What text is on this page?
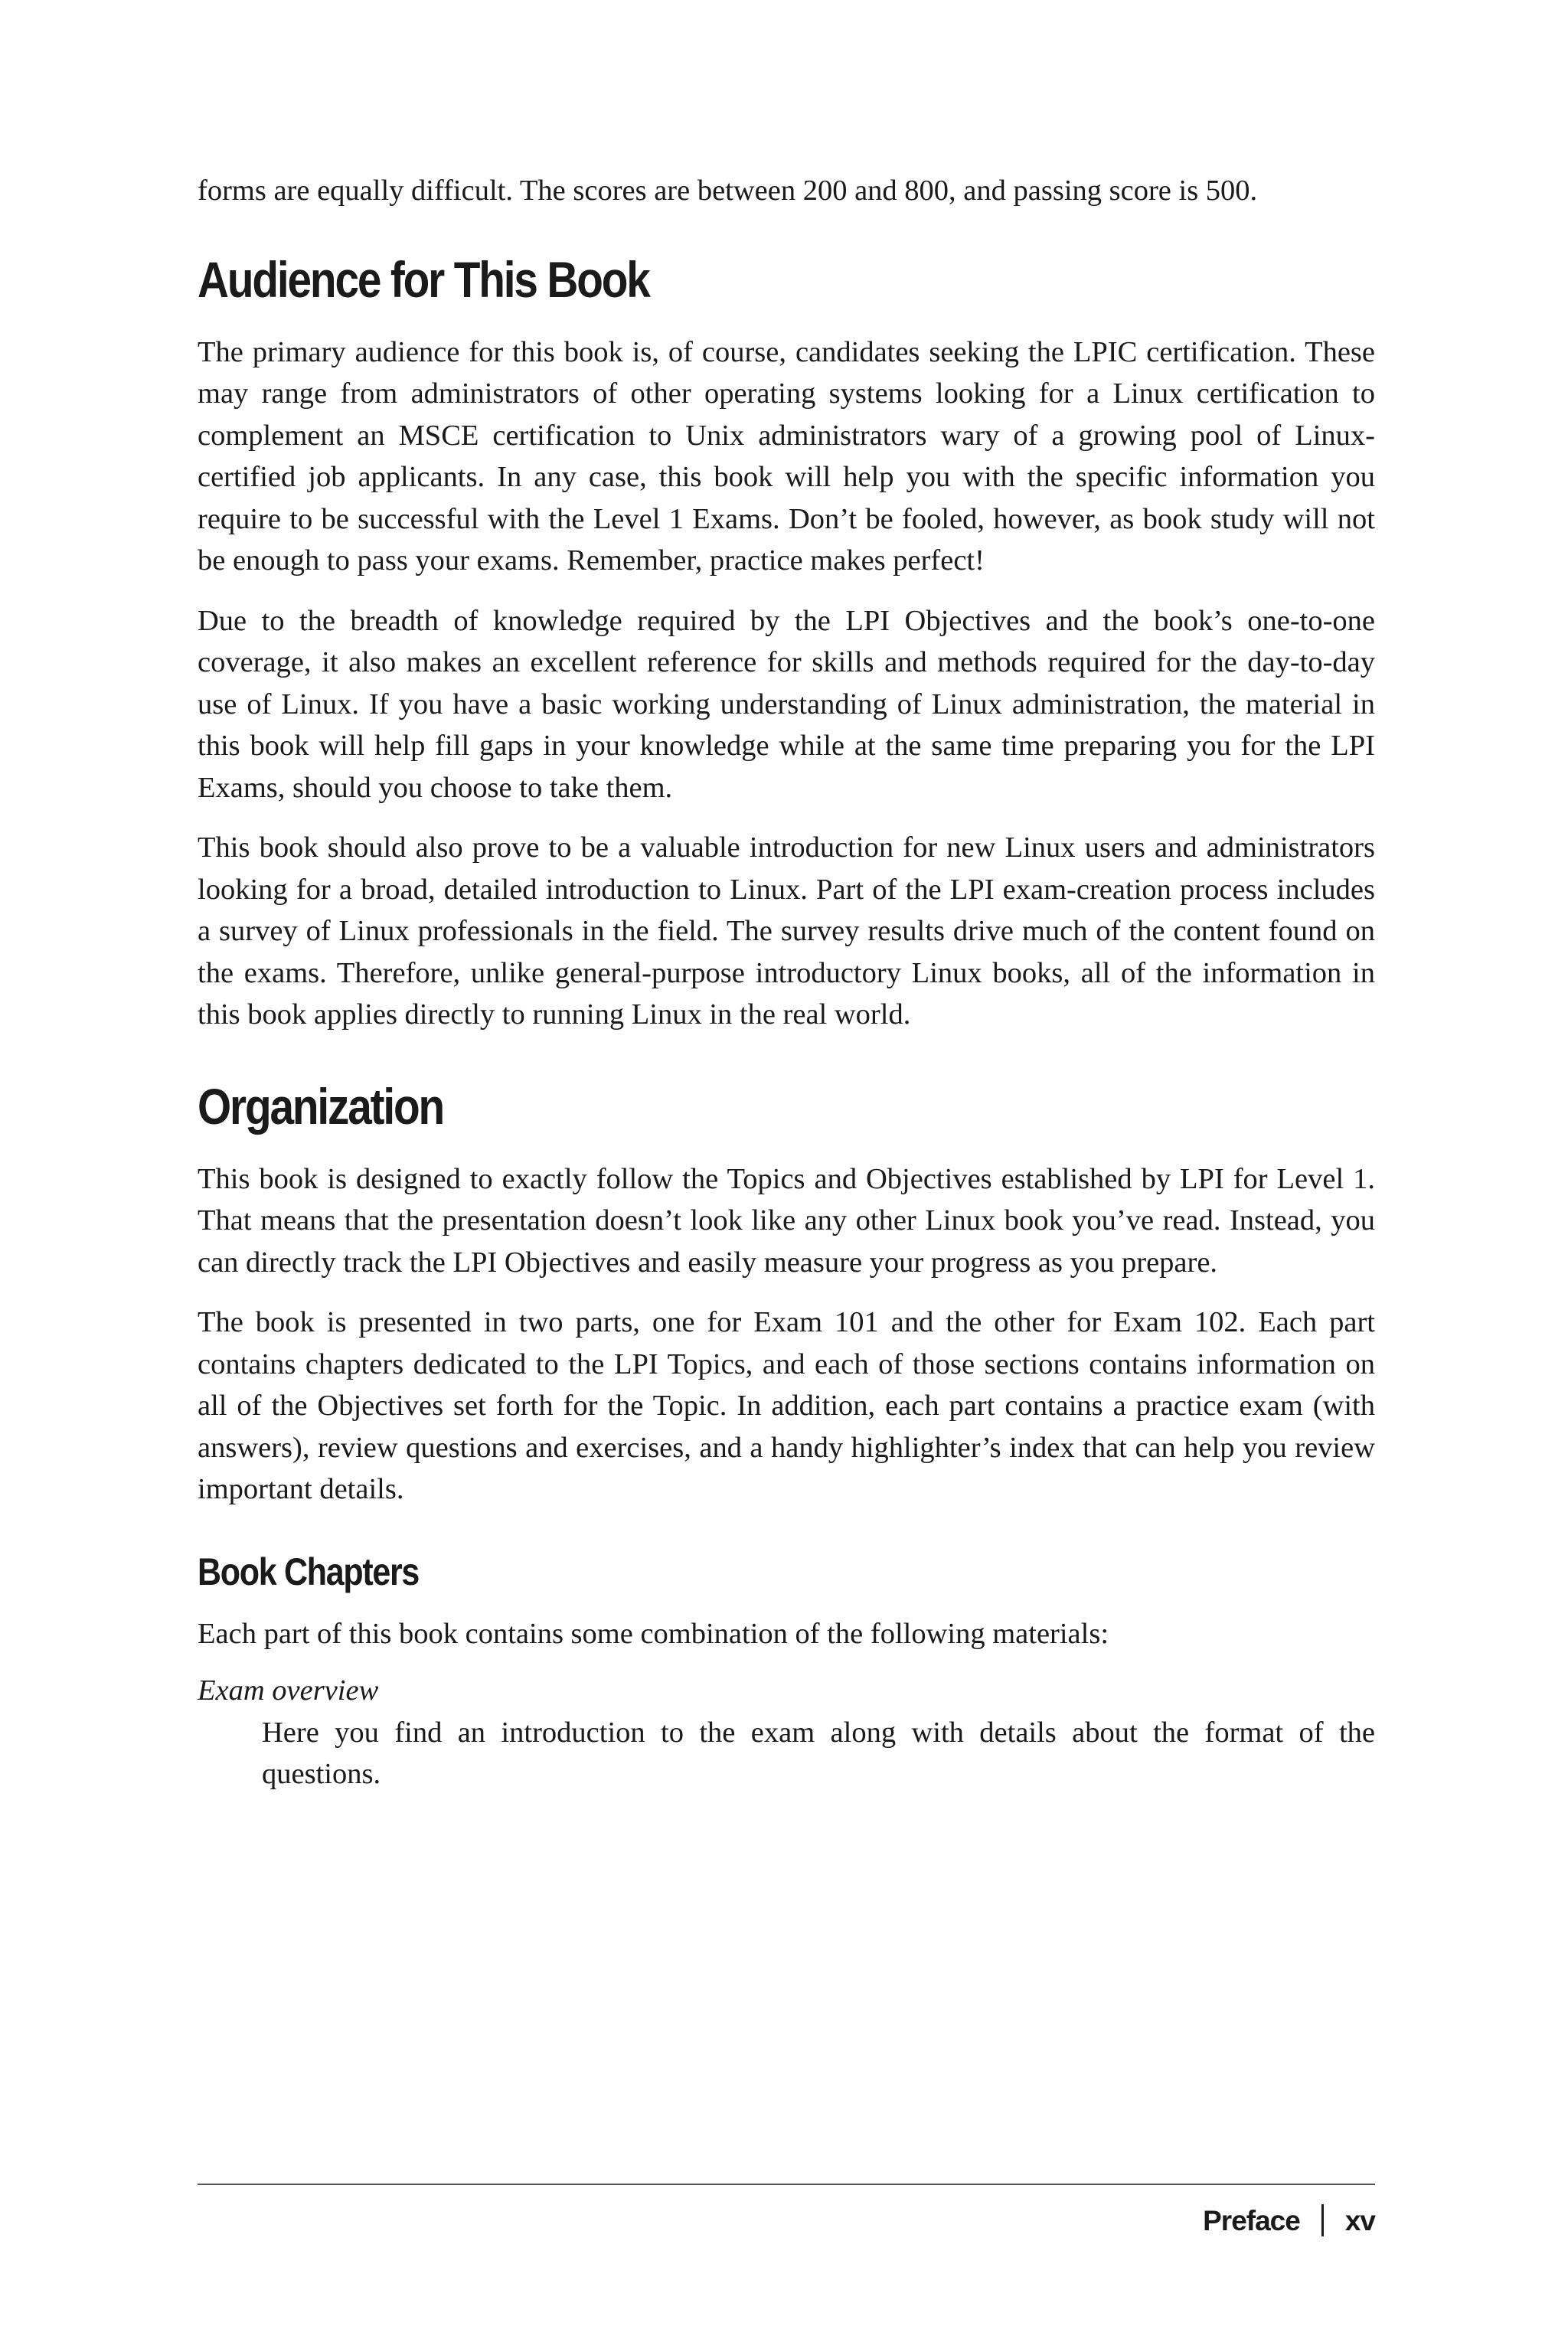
forms are equally difficult. The scores are between 200 and 800, and passing score is 500.

Audience for This Book

The primary audience for this book is, of course, candidates seeking the LPIC certification. These may range from administrators of other operating systems looking for a Linux certification to complement an MSCE certification to Unix administrators wary of a growing pool of Linux-certified job applicants. In any case, this book will help you with the specific information you require to be successful with the Level 1 Exams. Don’t be fooled, however, as book study will not be enough to pass your exams. Remember, practice makes perfect!

Due to the breadth of knowledge required by the LPI Objectives and the book’s one-to-one coverage, it also makes an excellent reference for skills and methods required for the day-to-day use of Linux. If you have a basic working understanding of Linux administration, the material in this book will help fill gaps in your knowledge while at the same time preparing you for the LPI Exams, should you choose to take them.

This book should also prove to be a valuable introduction for new Linux users and administrators looking for a broad, detailed introduction to Linux. Part of the LPI exam-creation process includes a survey of Linux professionals in the field. The survey results drive much of the content found on the exams. Therefore, unlike general-purpose introductory Linux books, all of the information in this book applies directly to running Linux in the real world.

Organization

This book is designed to exactly follow the Topics and Objectives established by LPI for Level 1. That means that the presentation doesn’t look like any other Linux book you’ve read. Instead, you can directly track the LPI Objectives and easily measure your progress as you prepare.

The book is presented in two parts, one for Exam 101 and the other for Exam 102. Each part contains chapters dedicated to the LPI Topics, and each of those sections contains information on all of the Objectives set forth for the Topic. In addition, each part contains a practice exam (with answers), review questions and exercises, and a handy highlighter’s index that can help you review important details.

Book Chapters

Each part of this book contains some combination of the following materials:

Exam overview
Here you find an introduction to the exam along with details about the format of the questions.
Preface xv
